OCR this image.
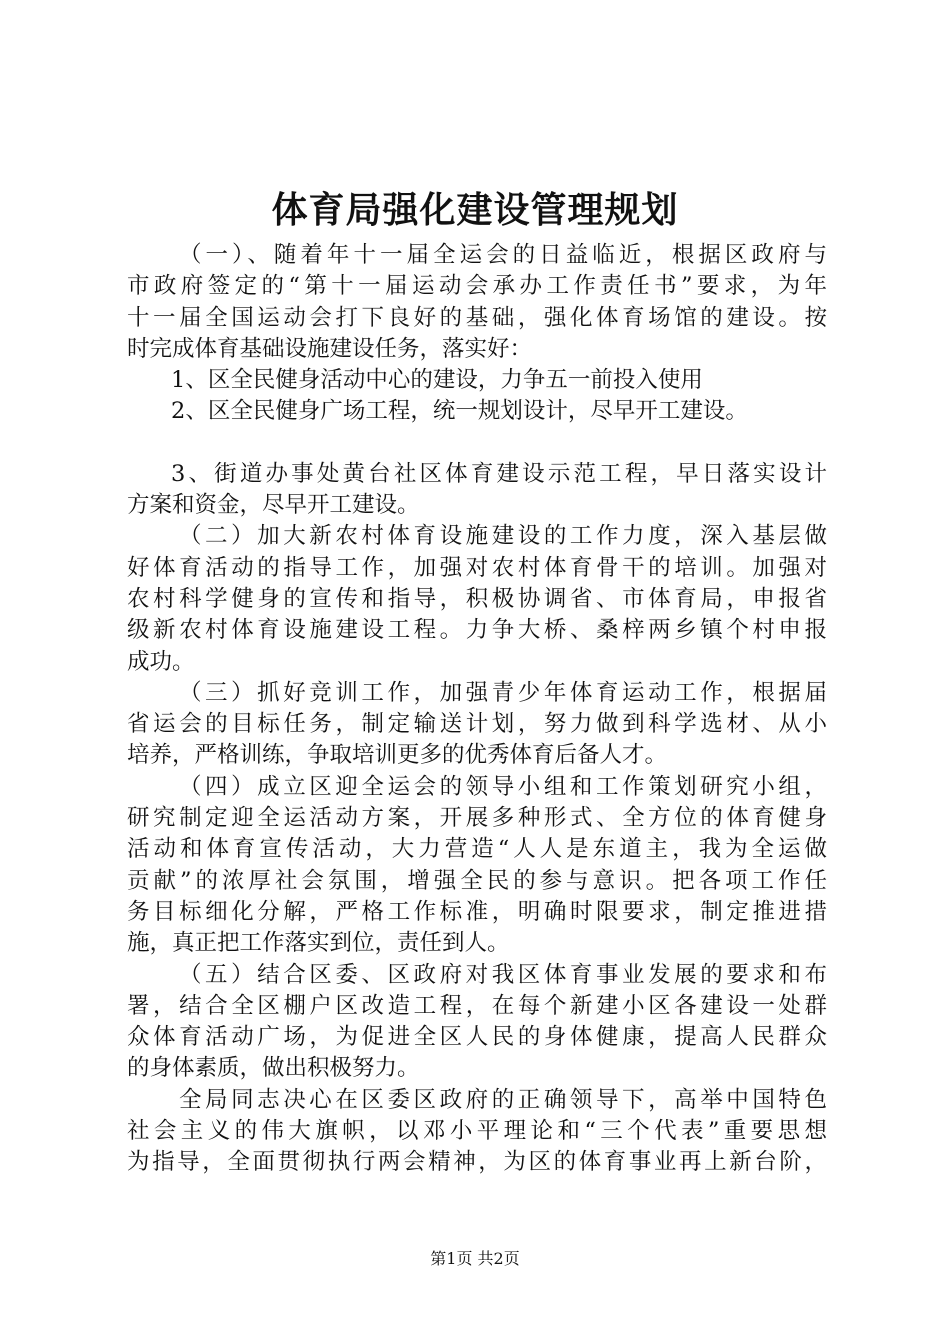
体育局强化建设管理规划
（一）、随着年十一届全运会的日益临近，根据区政府与
市政府签定的“第十一届运动会承办工作责任书”要求，为年
十一届全国运动会打下良好的基础，强化体育场馆的建设。按
时完成体育基础设施建设任务，落实好：
1、区全民健身活动中心的建设，力争五一前投入使用
2、区全民健身广场工程，统一规划设计，尽早开工建设。
3、街道办事处黄台社区体育建设示范工程，早日落实设计
方案和资金，尽早开工建设。
（二）加大新农村体育设施建设的工作力度，深入基层做
好体育活动的指导工作，加强对农村体育骨干的培训。加强对
农村科学健身的宣传和指导，积极协调省、市体育局，申报省
级新农村体育设施建设工程。力争大桥、桑梓两乡镇个村申报
成功。
（三）抓好竞训工作，加强青少年体育运动工作，根据届
省运会的目标任务，制定输送计划，努力做到科学选材、从小
培养，严格训练，争取培训更多的优秀体育后备人才。
（四）成立区迎全运会的领导小组和工作策划研究小组，
研究制定迎全运活动方案，开展多种形式、全方位的体育健身
活动和体育宣传活动，大力营造“人人是东道主，我为全运做
贡献”的浓厚社会氛围，增强全民的参与意识。把各项工作任
务目标细化分解，严格工作标准，明确时限要求，制定推进措
施，真正把工作落实到位，责任到人。
（五）结合区委、区政府对我区体育事业发展的要求和布
署，结合全区棚户区改造工程，在每个新建小区各建设一处群
众体育活动广场，为促进全区人民的身体健康，提高人民群众
的身体素质，做出积极努力。
全局同志决心在区委区政府的正确领导下，高举中国特色
社会主义的伟大旗帜，以邓小平理论和“三个代表”重要思想
为指导，全面贯彻执行两会精神，为区的体育事业再上新台阶，
第1页 共2页
